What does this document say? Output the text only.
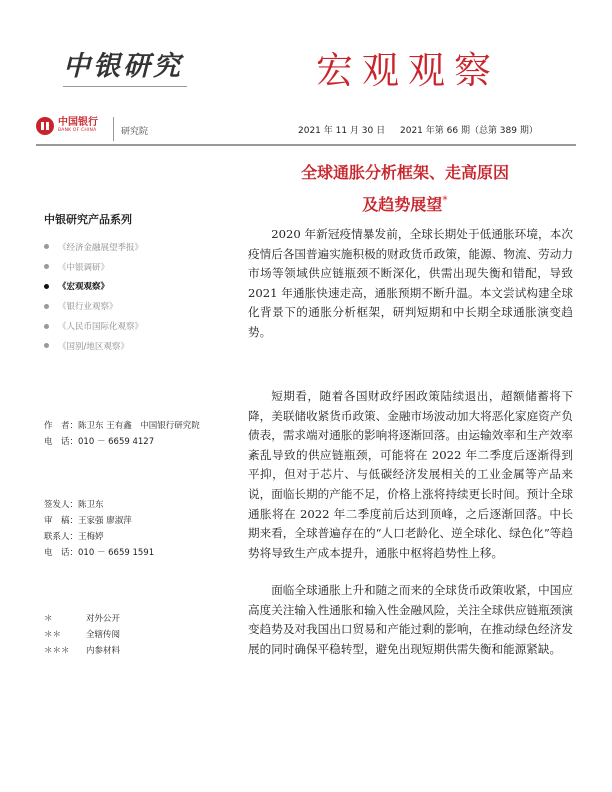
中银研究	宏观观察
中国银行
BANK OF CHINA	研究院	2021 年 11 月 30 日 2021 年第 66 期（总第 389 期）
全球通胀分析框架、走高原因
及趋势展望*
中银研究产品系列
《经济金融展望季报》
《中银调研》
《宏观观察》
《银行业观察》
《人民币国际化观察》
《国别/地区观察》
作　者：陈卫东 王有鑫　中国银行研究院
电　话：010 － 6659 4127
签发人：陈卫东
审　稿：王家强 廖淑萍
联系人：王梅婷
电　话：010 － 6659 1591
＊	对外公开
＊＊	全辖传阅
＊＊＊	内参材料

2020 年新冠疫情暴发前，全球长期处于低通胀环境，本次疫情后各国普遍实施积极的财政货币政策，能源、物流、劳动力市场等领域供应链瓶颈不断深化，供需出现失衡和错配，导致 2021 年通胀快速走高，通胀预期不断升温。本文尝试构建全球化背景下的通胀分析框架，研判短期和中长期全球通胀演变趋势。

短期看，随着各国财政纾困政策陆续退出，超额储蓄将下降，美联储收紧货币政策、金融市场波动加大将恶化家庭资产负债表，需求端对通胀的影响将逐渐回落。由运输效率和生产效率紊乱导致的供应链瓶颈，可能将在 2022 年二季度后逐渐得到平抑，但对于芯片、与低碳经济发展相关的工业金属等产品来说，面临长期的产能不足，价格上涨将持续更长时间。预计全球通胀将在 2022 年二季度前后达到顶峰，之后逐渐回落。中长期来看，全球普遍存在的“人口老龄化、逆全球化、绿色化”等趋势将导致生产成本提升，通胀中枢将趋势性上移。

面临全球通胀上升和随之而来的全球货币政策收紧，中国应高度关注输入性通胀和输入性金融风险，关注全球供应链瓶颈演变趋势及对我国出口贸易和产能过剩的影响，在推动绿色经济发展的同时确保平稳转型，避免出现短期供需失衡和能源紧缺。
